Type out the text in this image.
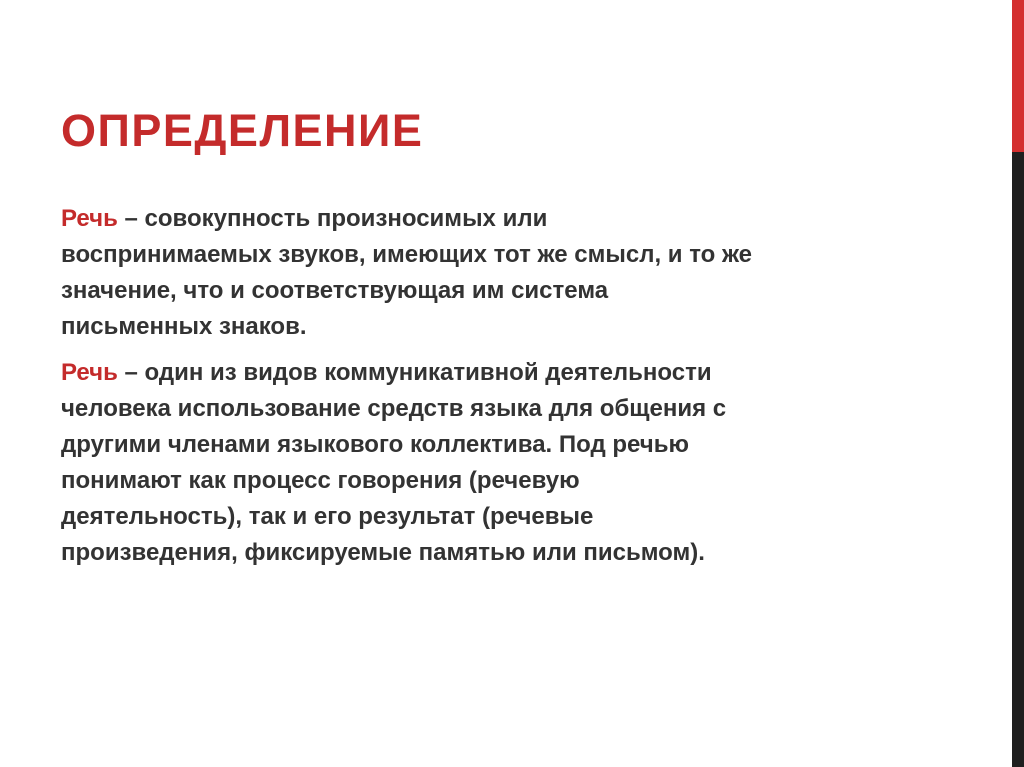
ОПРЕДЕЛЕНИЕ

Речь – совокупность произносимых или
воспринимаемых звуков, имеющих тот же смысл, и то же
значение, что и соответствующая им система
письменных знаков.

Речь – один из видов коммуникативной деятельности
человека использование средств языка для общения с
другими членами языкового коллектива. Под речью
понимают как процесс говорения (речевую
деятельность), так и его результат (речевые
произведения, фиксируемые памятью или письмом).
